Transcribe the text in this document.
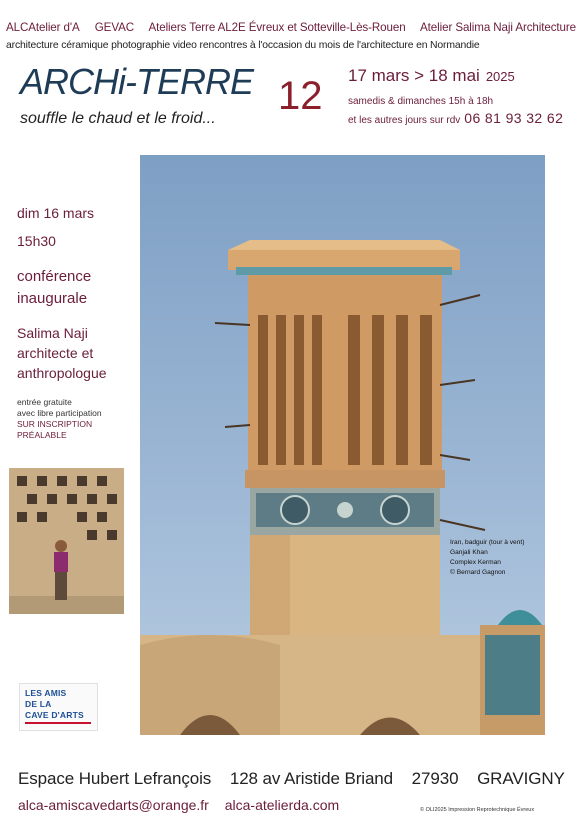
ALCAtelier d'A GEVAC Ateliers Terre AL2E Évreux et Sotteville-Lès-Rouen Atelier Salima Naji Architecture
architecture céramique photographie video rencontres à l'occasion du mois de l'architecture en Normandie
ARCHi-TERRE 12
souffle le chaud et le froid...
17 mars > 18 mai 2025
samedis & dimanches 15h à 18h
et les autres jours sur rdv 06 81 93 32 62
dim 16 mars
15h30
conférence
inaugurale
Salima Naji
architecte et
anthropologue
entrée gratuite
avec libre participation
SUR INSCRIPTION
PRÉALABLE
Iran, badguir (tour à vent)
Ganjali Khan
Complex Kerman
© Bernard Gagnon
LES AMIS
DE LA
CAVE D'ARTS
Espace Hubert Lefrançois 128 av Aristide Briand 27930 GRAVIGNY
alca-amiscavedarts@orange.fr alca-atelierda.com	© OLI2025 Impression Reprotechnique Évreux
